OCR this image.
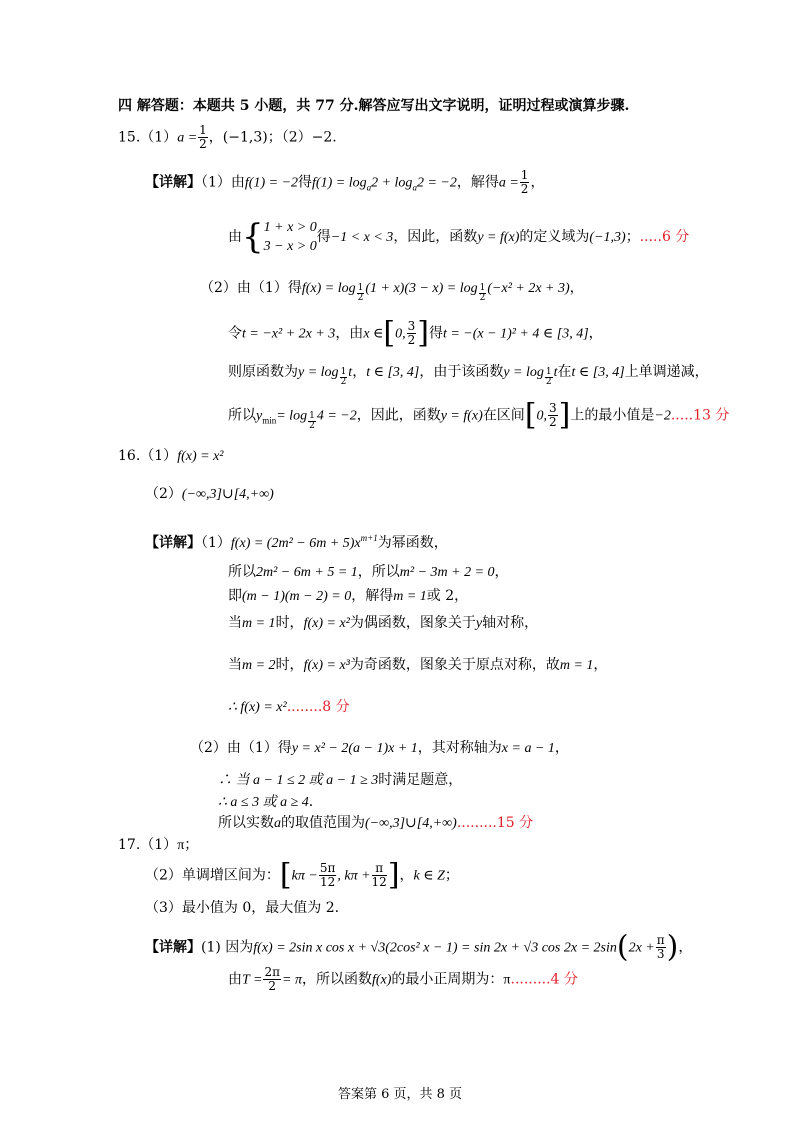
四 解答题：本题共 5 小题，共 77 分.解答应写出文字说明，证明过程或演算步骤.
$15.(1)a = \frac{1}{2}$ ，(−1,3)；（2）−2.
【详解】（1）由f(1) = −2得$f(1) = \log_a2 + \log_a2 = -2$，解得$a = \frac{1}{2}$ ，
由{ 1 + x > 0
3 − x > 0
得−1 < x < 3，因此，函数y = f(x)的定义域为(−1,3)；.....6 分
（2）由（1）得$f(x) = \log \frac{1}{2} (1 + x)(3 - x) = \log \frac{1}{2} (-x^2 + 2x + 3)$，
令t = −x² + 2x + 3，由x ∈[0, $\frac{3}{2}$ ]得t = −(x − 1)² + 4 ∈ [3, 4]，
则原函数为$y = \log \frac{1}{2}$ t，t ∈ [3, 4]，由于该函数$y = \log \frac{1}{2}$ t在t ∈ [3, 4]上单调递减，
所以$y_{min}= \log \frac{1}{2} 4 = -2$，因此，函数y = f(x)在区间[0, $\frac{3}{2}$ ]上的最小值是−2.....13 分
16.（1）f(x) = x²
（2）(−∞,3]∪[4,+∞)
【详解】$(1)f(x) = (2m^2 - 6m + 5)x^{m+1}$为幂函数，
所以2m² − 6m + 5 = 1，所以m² − 3m + 2 = 0，
即(m − 1)(m − 2) = 0，解得m = 1或 2，
当m = 1时，f(x) = x²为偶函数，图象关于y轴对称，
当m = 2时，f(x) = x³为奇函数，图象关于原点对称，故m = 1，
∴ f(x) = x²........8 分
（2）由（1）得y = x² − 2(a − 1)x + 1，其对称轴为x = a − 1，
∴ 当 a − 1 ≤ 2 或 a − 1 ≥ 3时满足题意，
∴ a ≤ 3 或 a ≥ 4.
所以实数a的取值范围为(−∞,3]∪[4,+∞).........15 分
17.（1）π；
（2）单调增区间为：[$k\pi - \frac{5\pi}{12}$ , $k\pi + \frac{\pi}{12}$ ]，k ∈ Z；
（3）最小值为 0，最大值为 2.
【详解】(1) 因为f(x) = 2sin x cos x + √3(2cos² x − 1) = sin 2x + √3 $\cos 2x = 2\sin(2x + \frac{\pi}{3}$ )，
由$T = \frac{2\pi}{2} = \pi$，所以函数f(x)的最小正周期为：π.........4 分
答案第 6 页，共 8 页
